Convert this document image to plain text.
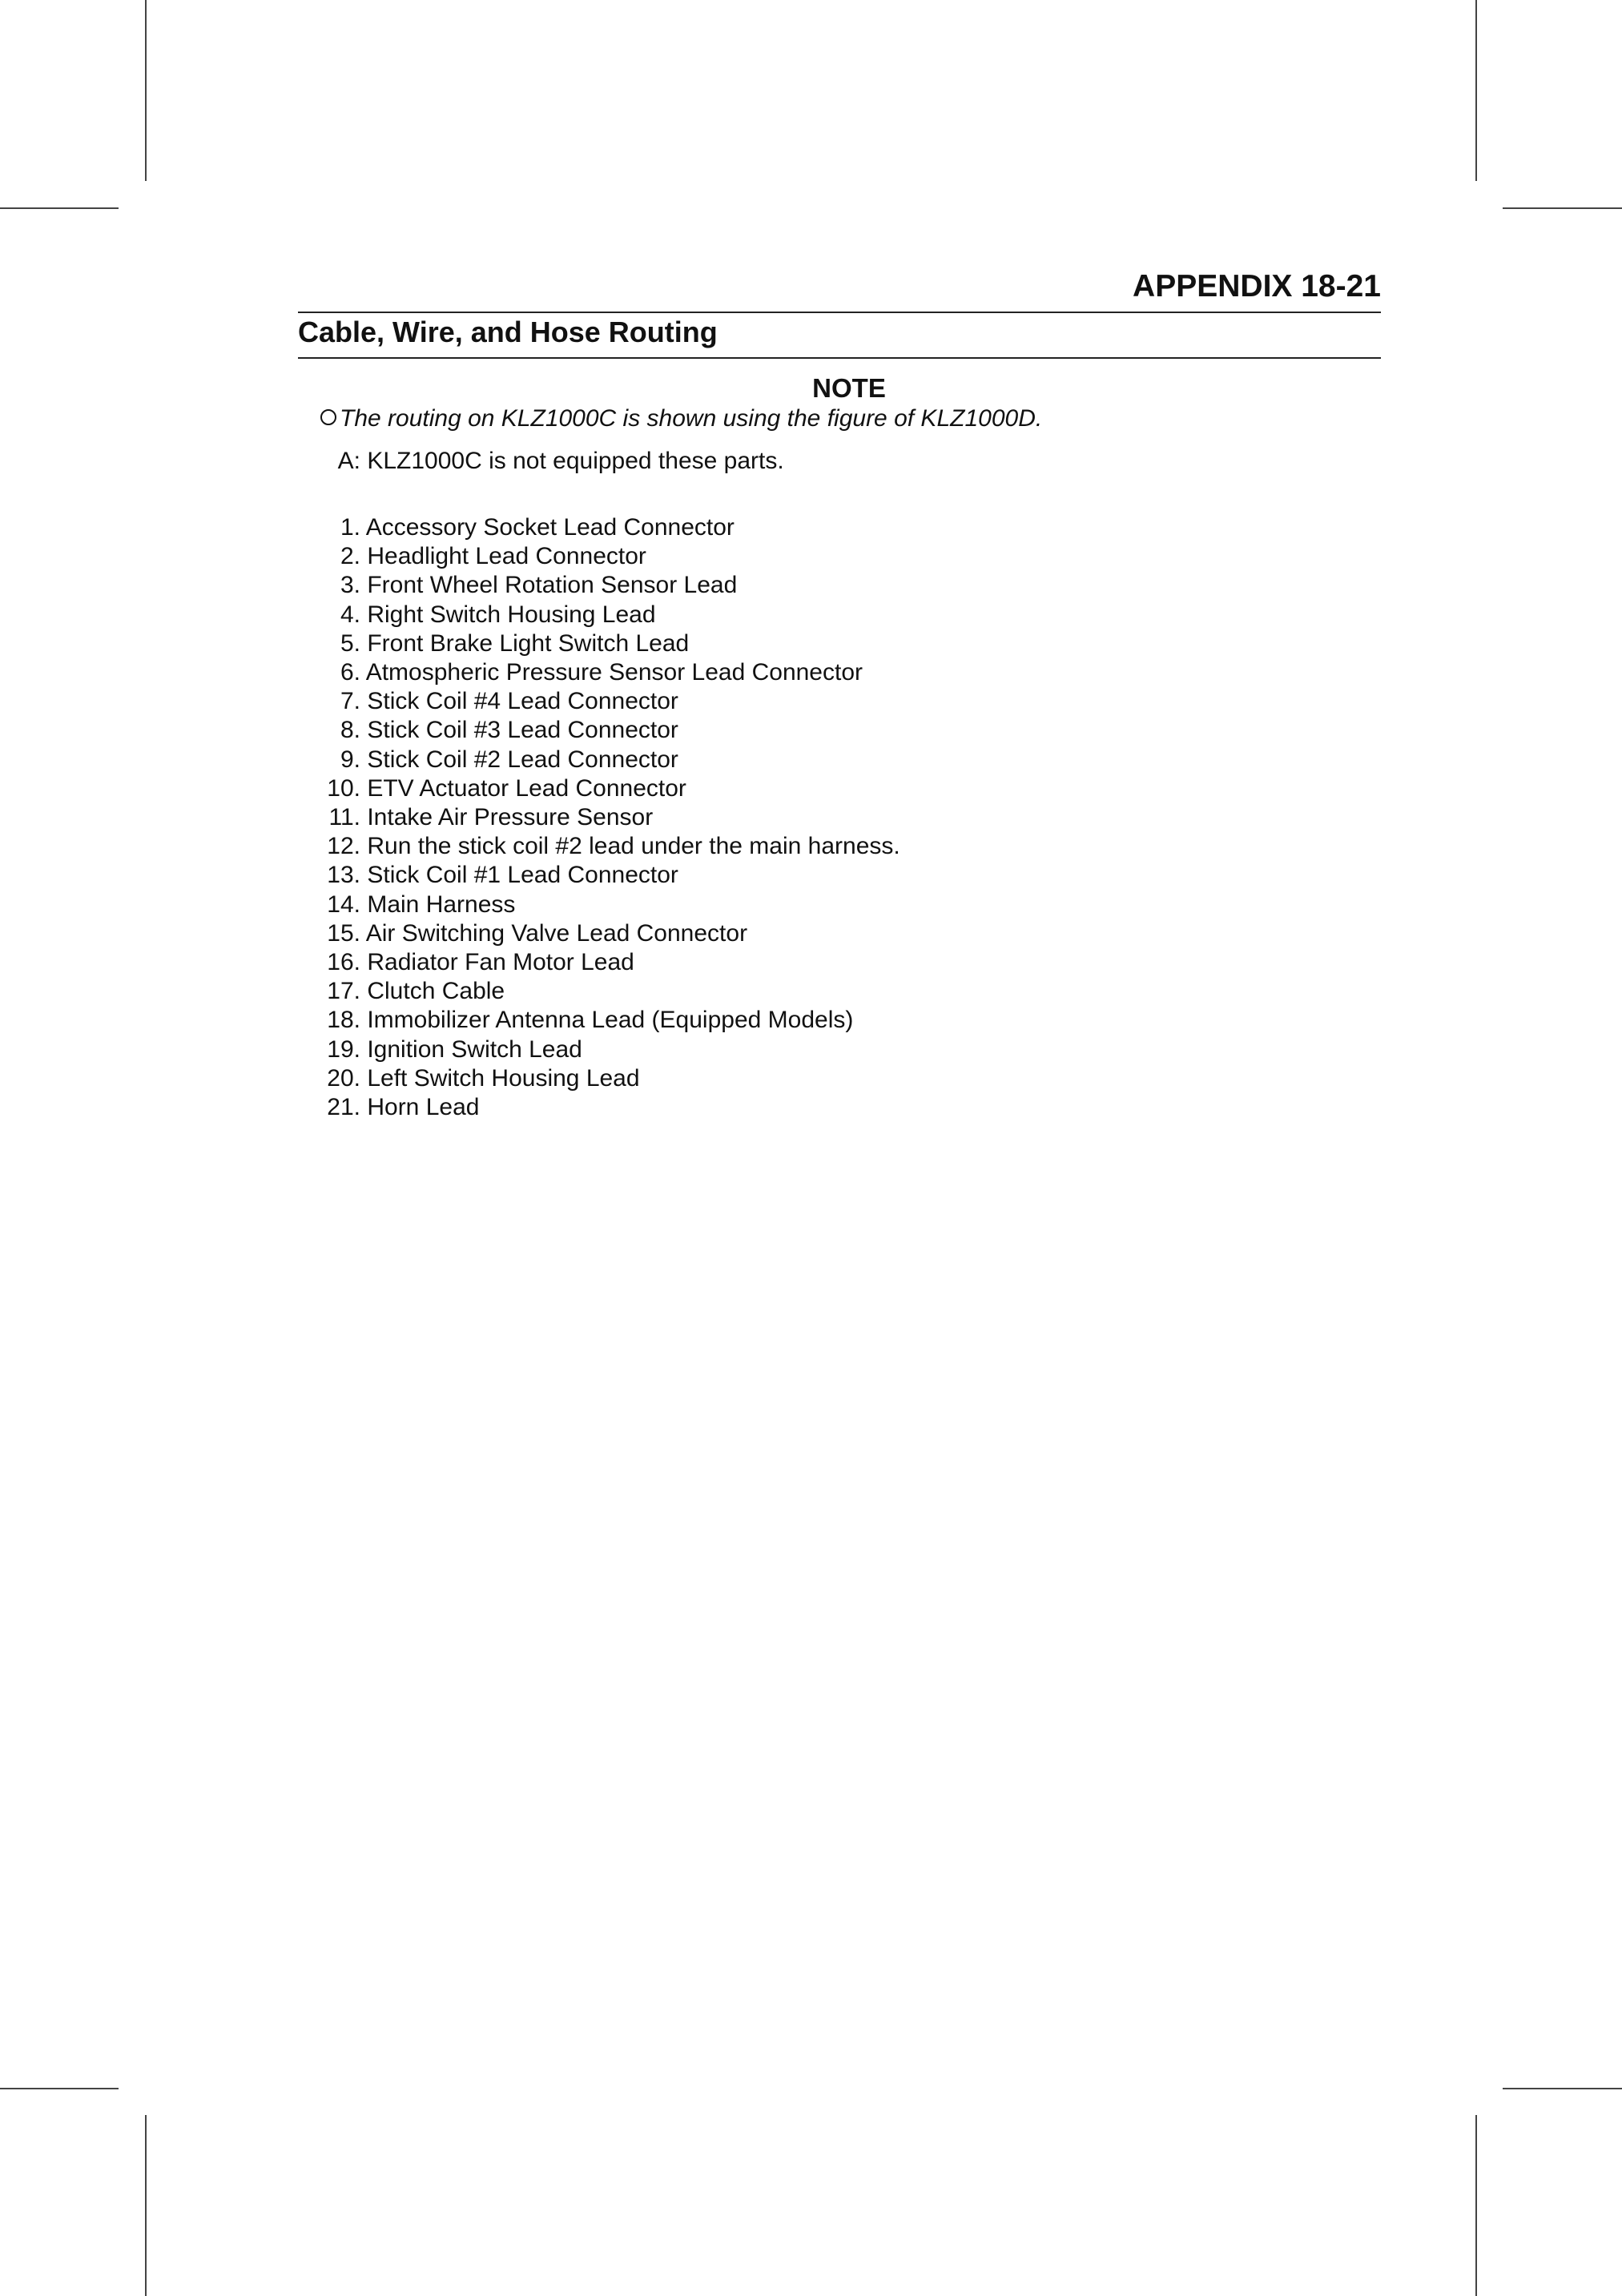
APPENDIX 18-21
Cable, Wire, and Hose Routing
NOTE
The routing on KLZ1000C is shown using the figure of KLZ1000D.
A: KLZ1000C is not equipped these parts.
1. Accessory Socket Lead Connector
2. Headlight Lead Connector
3. Front Wheel Rotation Sensor Lead
4. Right Switch Housing Lead
5. Front Brake Light Switch Lead
6. Atmospheric Pressure Sensor Lead Connector
7. Stick Coil #4 Lead Connector
8. Stick Coil #3 Lead Connector
9. Stick Coil #2 Lead Connector
10. ETV Actuator Lead Connector
11. Intake Air Pressure Sensor
12. Run the stick coil #2 lead under the main harness.
13. Stick Coil #1 Lead Connector
14. Main Harness
15. Air Switching Valve Lead Connector
16. Radiator Fan Motor Lead
17. Clutch Cable
18. Immobilizer Antenna Lead (Equipped Models)
19. Ignition Switch Lead
20. Left Switch Housing Lead
21. Horn Lead
